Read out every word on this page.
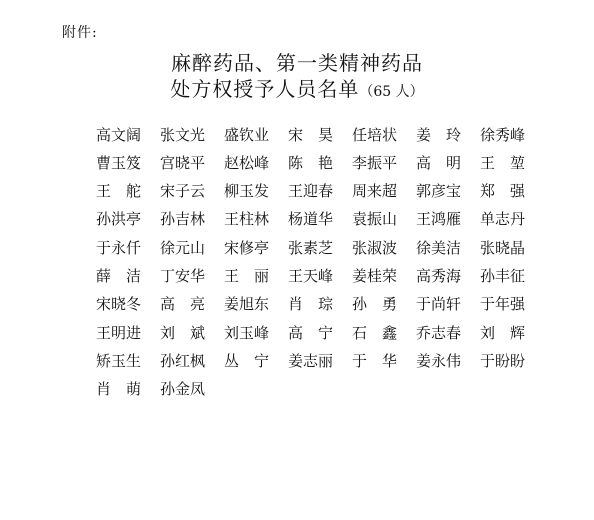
附件:
麻醉药品、第一类精神药品
处方权授予人员名单（65 人）
高 文 阔 张 文 光 盛 钦 业 宋 昊 任 培 状 姜 玲 徐 秀 峰
曹 玉 笈 宫 晓 平 赵 松 峰 陈 艳 李 振 平 高 明 王 堃
王 舵 宋 子 云 柳 玉 发 王 迎 春 周 来 超 郭 彦 宝 郑 强
孙 洪 亭 孙 吉 林 王 柱 林 杨 道 华 袁 振 山 王 鸿 雁 单 志 丹
于 永 仟 徐 元 山 宋 修 亭 张 素 芝 张 淑 波 徐 美 洁 张 晓 晶
薛 洁 丁 安 华 王 丽 王 天 峰 姜 桂 荣 高 秀 海 孙 丰 征
宋 晓 冬 高 亮 姜 旭 东 肖 琮 孙 勇 于 尚 轩 于 年 强
王 明 进 刘 斌 刘 玉 峰 高 宁 石 鑫 乔 志 春 刘 辉
矫 玉 生 孙 红 枫 丛 宁 姜 志 丽 于 华 姜 永 伟 于 盼 盼
肖 萌 孙 金 凤
